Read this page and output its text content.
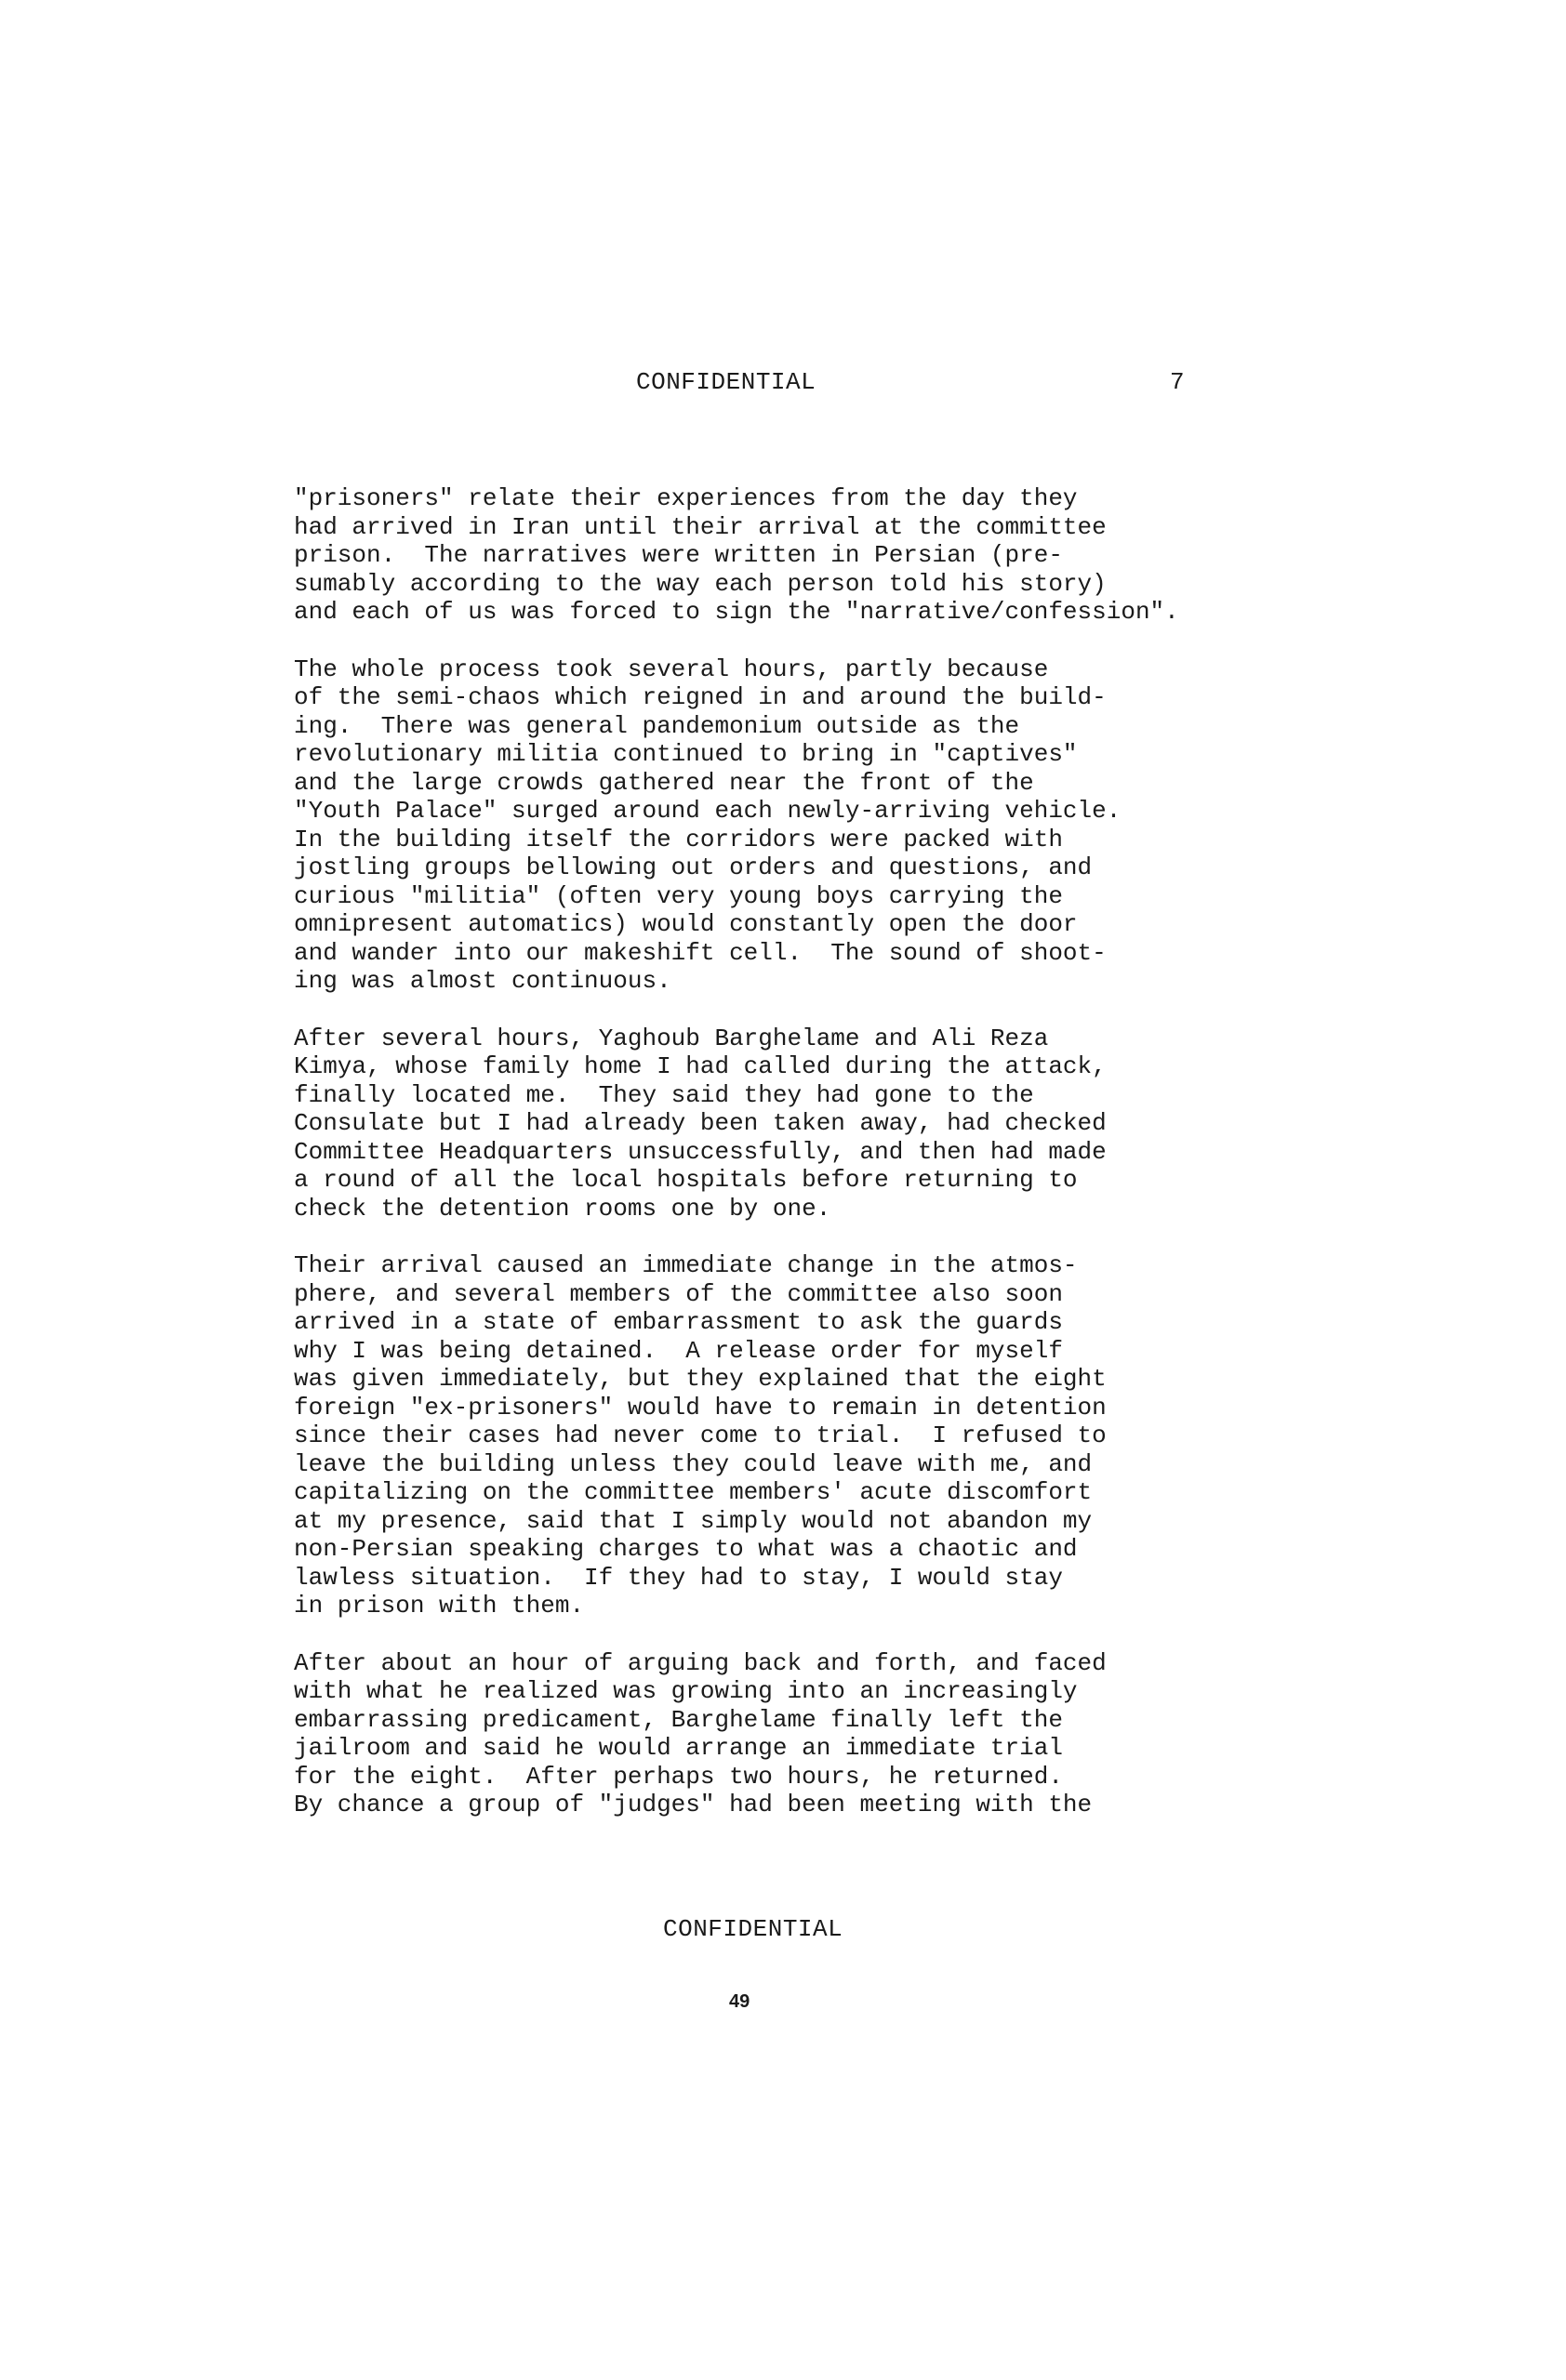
CONFIDENTIAL	7
"prisoners" relate their experiences from the day they
had arrived in Iran until their arrival at the committee
prison.  The narratives were written in Persian (pre-
sumably according to the way each person told his story)
and each of us was forced to sign the "narrative/confession".
The whole process took several hours, partly because
of the semi-chaos which reigned in and around the build-
ing.  There was general pandemonium outside as the
revolutionary militia continued to bring in "captives"
and the large crowds gathered near the front of the
"Youth Palace" surged around each newly-arriving vehicle.
In the building itself the corridors were packed with
jostling groups bellowing out orders and questions, and
curious "militia" (often very young boys carrying the
omnipresent automatics) would constantly open the door
and wander into our makeshift cell.  The sound of shoot-
ing was almost continuous.
After several hours, Yaghoub Barghelame and Ali Reza
Kimya, whose family home I had called during the attack,
finally located me.  They said they had gone to the
Consulate but I had already been taken away, had checked
Committee Headquarters unsuccessfully, and then had made
a round of all the local hospitals before returning to
check the detention rooms one by one.
Their arrival caused an immediate change in the atmos-
phere, and several members of the committee also soon
arrived in a state of embarrassment to ask the guards
why I was being detained.  A release order for myself
was given immediately, but they explained that the eight
foreign "ex-prisoners" would have to remain in detention
since their cases had never come to trial.  I refused to
leave the building unless they could leave with me, and
capitalizing on the committee members' acute discomfort
at my presence, said that I simply would not abandon my
non-Persian speaking charges to what was a chaotic and
lawless situation.  If they had to stay, I would stay
in prison with them.
After about an hour of arguing back and forth, and faced
with what he realized was growing into an increasingly
embarrassing predicament, Barghelame finally left the
jailroom and said he would arrange an immediate trial
for the eight.  After perhaps two hours, he returned.
By chance a group of "judges" had been meeting with the
CONFIDENTIAL
49
